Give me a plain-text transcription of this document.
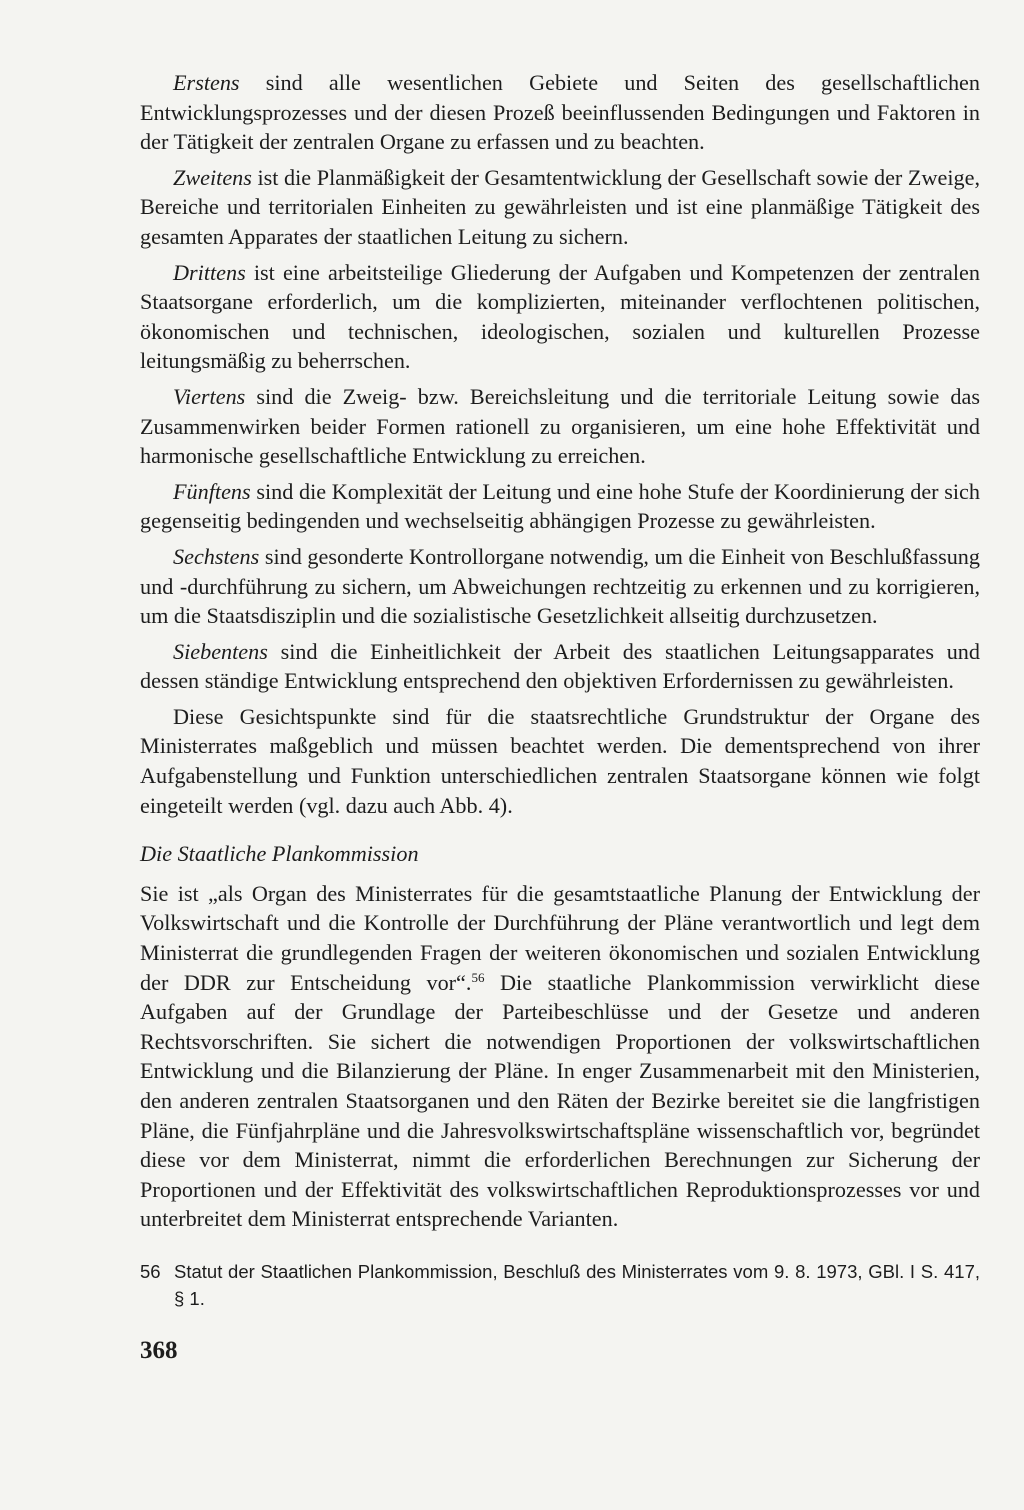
Erstens sind alle wesentlichen Gebiete und Seiten des gesellschaftlichen Entwicklungsprozesses und der diesen Prozeß beeinflussenden Bedingungen und Faktoren in der Tätigkeit der zentralen Organe zu erfassen und zu beachten.

Zweitens ist die Planmäßigkeit der Gesamtentwicklung der Gesellschaft sowie der Zweige, Bereiche und territorialen Einheiten zu gewährleisten und ist eine planmäßige Tätigkeit des gesamten Apparates der staatlichen Leitung zu sichern.

Drittens ist eine arbeitsteilige Gliederung der Aufgaben und Kompetenzen der zentralen Staatsorgane erforderlich, um die komplizierten, miteinander verflochtenen politischen, ökonomischen und technischen, ideologischen, sozialen und kulturellen Prozesse leitungsmäßig zu beherrschen.

Viertens sind die Zweig- bzw. Bereichsleitung und die territoriale Leitung sowie das Zusammenwirken beider Formen rationell zu organisieren, um eine hohe Effektivität und harmonische gesellschaftliche Entwicklung zu erreichen.

Fünftens sind die Komplexität der Leitung und eine hohe Stufe der Koordinierung der sich gegenseitig bedingenden und wechselseitig abhängigen Prozesse zu gewährleisten.

Sechstens sind gesonderte Kontrollorgane notwendig, um die Einheit von Beschlußfassung und -durchführung zu sichern, um Abweichungen rechtzeitig zu erkennen und zu korrigieren, um die Staatsdisziplin und die sozialistische Gesetzlichkeit allseitig durchzusetzen.

Siebentens sind die Einheitlichkeit der Arbeit des staatlichen Leitungsapparates und dessen ständige Entwicklung entsprechend den objektiven Erfordernissen zu gewährleisten.

Diese Gesichtspunkte sind für die staatsrechtliche Grundstruktur der Organe des Ministerrates maßgeblich und müssen beachtet werden. Die dementsprechend von ihrer Aufgabenstellung und Funktion unterschiedlichen zentralen Staatsorgane können wie folgt eingeteilt werden (vgl. dazu auch Abb. 4).

Die Staatliche Plankommission

Sie ist „als Organ des Ministerrates für die gesamtstaatliche Planung der Entwicklung der Volkswirtschaft und die Kontrolle der Durchführung der Pläne verantwortlich und legt dem Ministerrat die grundlegenden Fragen der weiteren ökonomischen und sozialen Entwicklung der DDR zur Entscheidung vor“.$^{56}$ Die staatliche Plankommission verwirklicht diese Aufgaben auf der Grundlage der Parteibeschlüsse und der Gesetze und anderen Rechtsvorschriften. Sie sichert die notwendigen Proportionen der volkswirtschaftlichen Entwicklung und die Bilanzierung der Pläne. In enger Zusammenarbeit mit den Ministerien, den anderen zentralen Staatsorganen und den Räten der Bezirke bereitet sie die langfristigen Pläne, die Fünfjahrpläne und die Jahresvolkswirtschaftspläne wissenschaftlich vor, begründet diese vor dem Ministerrat, nimmt die erforderlichen Berechnungen zur Sicherung der Proportionen und der Effektivität des volkswirtschaftlichen Reproduktionsprozesses vor und unterbreitet dem Ministerrat entsprechende Varianten.

56 Statut der Staatlichen Plankommission, Beschluß des Ministerrates vom 9. 8. 1973, GBl. I S. 417, § 1.
368
